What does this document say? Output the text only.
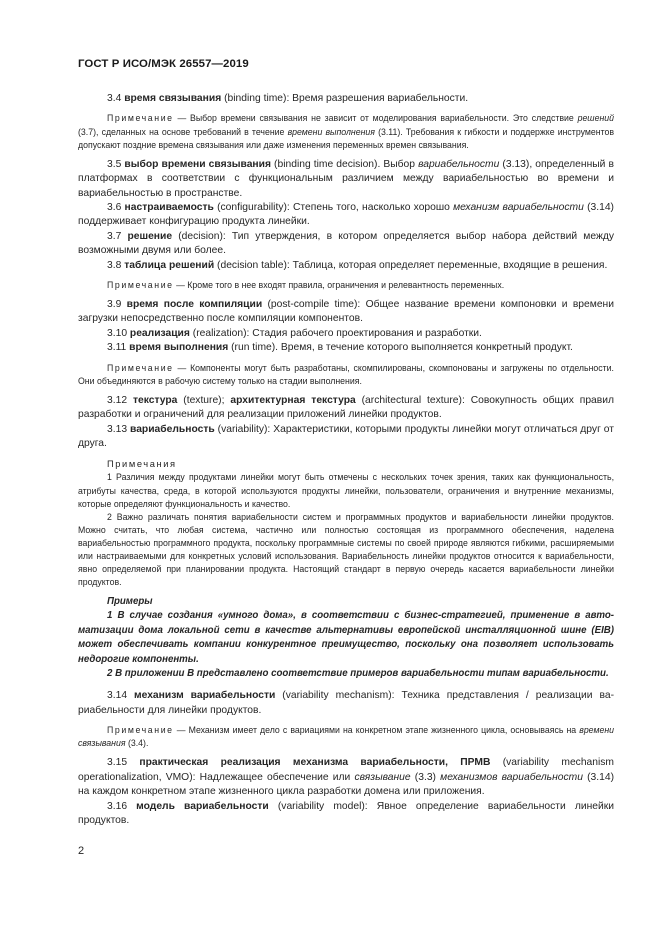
ГОСТ Р ИСО/МЭК 26557—2019

3.4 время связывания (binding time): Время разрешения вариабельности.

Примечание — Выбор времени связывания не зависит от моделирования вариабельности. Это следствие решений (3.7), сделанных на основе требований в течение времени выполнения (3.11). Требования к гибкости и поддержке инструментов допускают поздние времена связывания или даже изменения переменных времен связывания.

3.5 выбор времени связывания (binding time decision). Выбор вариабельности (3.13), определенный в платформах в соответствии с функциональным различием между вариабельностью во времени и вариабельностью в пространстве.

3.6 настраиваемость (configurability): Степень того, насколько хорошо механизм вариабельности (3.14) поддерживает конфигурацию продукта линейки.

3.7 решение (decision): Тип утверждения, в котором определяется выбор набора действий между возможными двумя или более.

3.8 таблица решений (decision table): Таблица, которая определяет переменные, входящие в решения.

Примечание — Кроме того в нее входят правила, ограничения и релевантность переменных.

3.9 время после компиляции (post-compile time): Общее название времени компоновки и времени загрузки непосредственно после компиляции компонентов.

3.10 реализация (realization): Стадия рабочего проектирования и разработки.

3.11 время выполнения (run time). Время, в течение которого выполняется конкретный продукт.

Примечание — Компоненты могут быть разработаны, скомпилированы, скомпонованы и загружены по отдельности. Они объединяются в рабочую систему только на стадии выполнения.

3.12 текстура (texture); архитектурная текстура (architectural texture): Совокупность общих правил разработки и ограничений для реализации приложений линейки продуктов.

3.13 вариабельность (variability): Характеристики, которыми продукты линейки могут отличаться друг от друга.

Примечания

1 Различия между продуктами линейки могут быть отмечены с нескольких точек зрения, таких как функциональность, атрибуты качества, среда, в которой используются продукты линейки, пользователи, ограничения и внутренние механизмы, которые определяют функциональность и качество.

2 Важно различать понятия вариабельности систем и программных продуктов и вариабельности линейки продуктов. Можно считать, что любая система, частично или полностью состоящая из программного обеспечения, наделена вариабельностью программного продукта, поскольку программные системы по своей природе являются гибкими, расширяемыми или настраиваемыми для конкретных условий использования. Вариабельность линейки продуктов относится к вариабельности, явно определяемой при планировании продукта. Настоящий стандарт в первую очередь касается вариабельности линейки продуктов.

Примеры

1 В случае создания «умного дома», в соответствии с бизнес-стратегией, применение в автоматизации дома локальной сети в качестве альтернативы европейской инсталляционной шине (EIB) может обеспечивать компании конкурентное преимущество, поскольку она позволяет использовать недорогие компоненты.

2 В приложении В представлено соответствие примеров вариабельности типам вариабельности.

3.14 механизм вариабельности (variability mechanism): Техника представления / реализации вариабельности для линейки продуктов.

Примечание — Механизм имеет дело с вариациями на конкретном этапе жизненного цикла, основываясь на времени связывания (3.4).

3.15 практическая реализация механизма вариабельности, ПРМВ (variability mechanism operationalization, VMO): Надлежащее обеспечение или связывание (3.3) механизмов вариабельности (3.14) на каждом конкретном этапе жизненного цикла разработки домена или приложения.

3.16 модель вариабельности (variability model): Явное определение вариабельности линейки продуктов.

2
